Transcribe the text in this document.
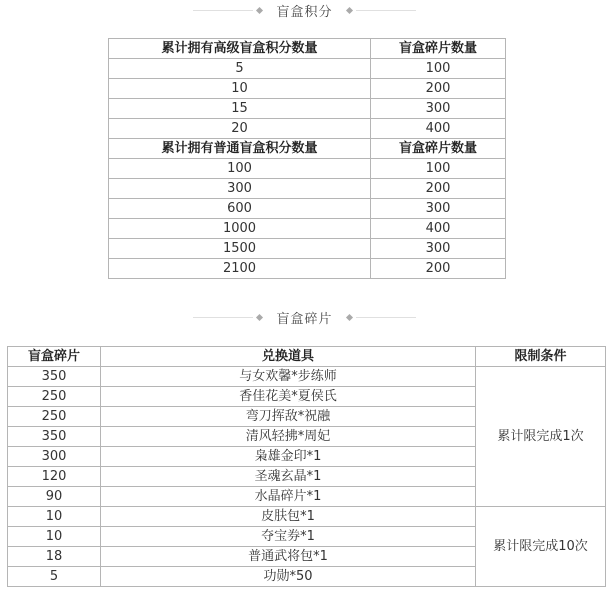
盲盒积分
累计拥有高级盲盒积分数量	盲盒碎片数量
5	100
10	200
15	300
20	400
累计拥有普通盲盒积分数量	盲盒碎片数量
100	100
300	200
600	300
1000	400
1500	300
2100	200
盲盒碎片
盲盒碎片	兑换道具	限制条件
350	与女欢馨*步练师	累计限完成1次
250	香佳花美*夏侯氏	
250	弯刀挥敌*祝融	
350	清风轻拂*周妃	
300	枭雄金印*1	
120	圣魂玄晶*1	
90	水晶碎片*1	
10	皮肤包*1	累计限完成10次
10	夺宝券*1	
18	普通武将包*1	
5	功勋*50	
